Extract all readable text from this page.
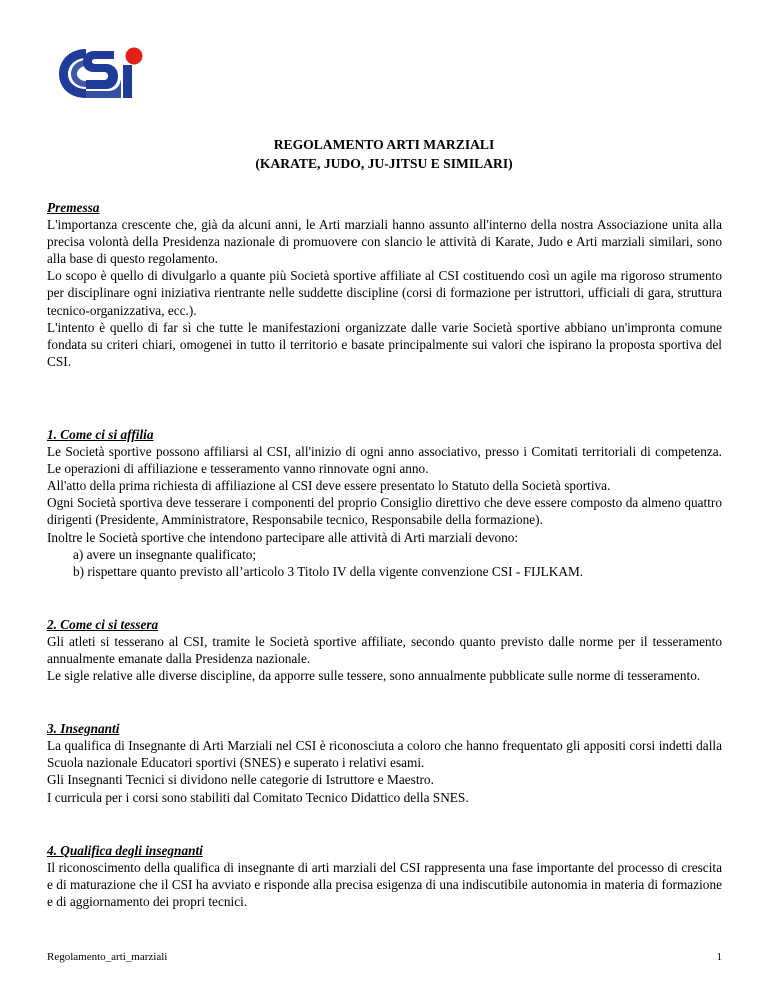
REGOLAMENTO ARTI MARZIALI
(KARATE, JUDO, JU-JITSU E SIMILARI)
Premessa

L'importanza crescente che, già da alcuni anni, le Arti marziali hanno assunto all'interno della nostra Associazione unita alla precisa volontà della Presidenza nazionale di promuovere con slancio le attività di Karate, Judo e Arti marziali similari, sono alla base di questo regolamento.

Lo scopo è quello di divulgarlo a quante più Società sportive affiliate al CSI costituendo così un agile ma rigoroso strumento per disciplinare ogni iniziativa rientrante nelle suddette discipline (corsi di formazione per istruttori, ufficiali di gara, struttura tecnico-organizzativa, ecc.).

L'intento è quello di far sì che tutte le manifestazioni organizzate dalle varie Società sportive abbiano un'impronta comune fondata su criteri chiari, omogenei in tutto il territorio e basate principalmente sui valori che ispirano la proposta sportiva del CSI.

1. Come ci si affilia

Le Società sportive possono affiliarsi al CSI, all'inizio di ogni anno associativo, presso i Comitati territoriali di competenza. Le operazioni di affiliazione e tesseramento vanno rinnovate ogni anno.

All'atto della prima richiesta di affiliazione al CSI deve essere presentato lo Statuto della Società sportiva.

Ogni Società sportiva deve tesserare i componenti del proprio Consiglio direttivo che deve essere composto da almeno quattro dirigenti (Presidente, Amministratore, Responsabile tecnico, Responsabile della formazione).

Inoltre le Società sportive che intendono partecipare alle attività di Arti marziali devono:

a) avere un insegnante qualificato;
b) rispettare quanto previsto all’articolo 3 Titolo IV della vigente convenzione CSI - FIJLKAM.
2. Come ci si tessera

Gli atleti si tesserano al CSI, tramite le Società sportive affiliate, secondo quanto previsto dalle norme per il tesseramento annualmente emanate dalla Presidenza nazionale.

Le sigle relative alle diverse discipline, da apporre sulle tessere, sono annualmente pubblicate sulle norme di tesseramento.

3. Insegnanti

La qualifica di Insegnante di Arti Marziali nel CSI è riconosciuta a coloro che hanno frequentato gli appositi corsi indetti dalla Scuola nazionale Educatori sportivi (SNES) e superato i relativi esami.

Gli Insegnanti Tecnici si dividono nelle categorie di Istruttore e Maestro.

I curricula per i corsi sono stabiliti dal Comitato Tecnico Didattico della SNES.

4. Qualifica degli insegnanti

Il riconoscimento della qualifica di insegnante di arti marziali del CSI rappresenta una fase importante del processo di crescita e di maturazione che il CSI ha avviato e risponde alla precisa esigenza di una indiscutibile autonomia in materia di formazione e di aggiornamento dei propri tecnici.

Regolamento_arti_marziali	1
